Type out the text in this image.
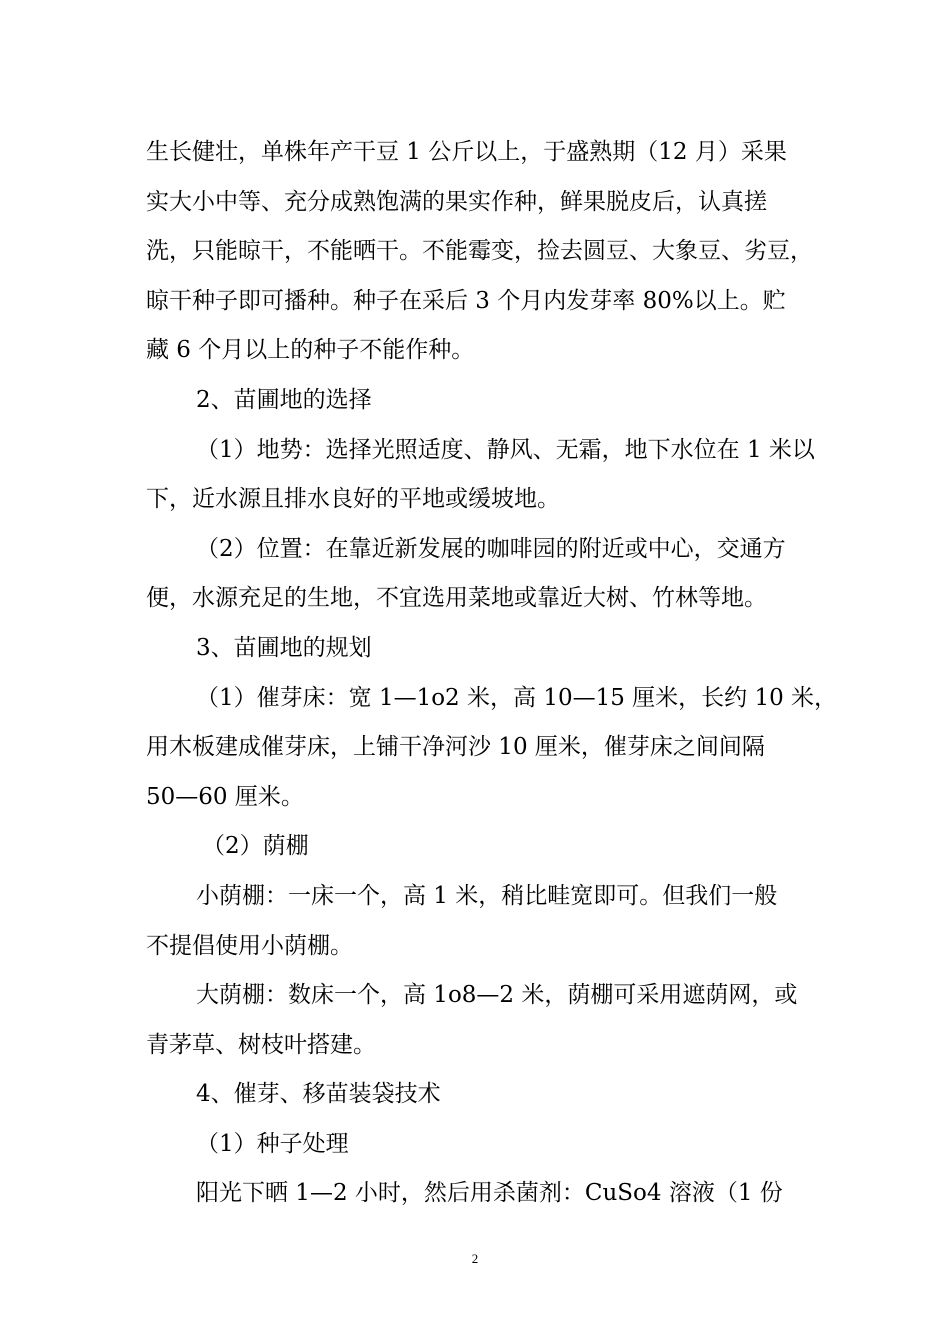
生长健壮，单株年产干豆 1 公斤以上，于盛熟期（12 月）采果
实大小中等、充分成熟饱满的果实作种，鲜果脱皮后，认真搓
洗，只能晾干，不能晒干。不能霉变，捡去圆豆、大象豆、劣豆，
晾干种子即可播种。种子在采后 3 个月内发芽率 80%以上。贮
藏 6 个月以上的种子不能作种。
2、苗圃地的选择
（1）地势：选择光照适度、静风、无霜，地下水位在 1 米以
下，近水源且排水良好的平地或缓坡地。
（2）位置：在靠近新发展的咖啡园的附近或中心，交通方
便，水源充足的生地，不宜选用菜地或靠近大树、竹林等地。
3、苗圃地的规划
（1）催芽床：宽 1—1o2 米，高 10—15 厘米，长约 10 米，
用木板建成催芽床，上铺干净河沙 10 厘米，催芽床之间间隔
50—60 厘米。
（2）荫棚
小荫棚：一床一个，高 1 米，稍比畦宽即可。但我们一般
不提倡使用小荫棚。
大荫棚：数床一个，高 1o8—2 米，荫棚可采用遮荫网，或
青茅草、树枝叶搭建。
4、催芽、移苗装袋技术
（1）种子处理
阳光下晒 1—2 小时，然后用杀菌剂：CuSo4 溶液（1 份
2
